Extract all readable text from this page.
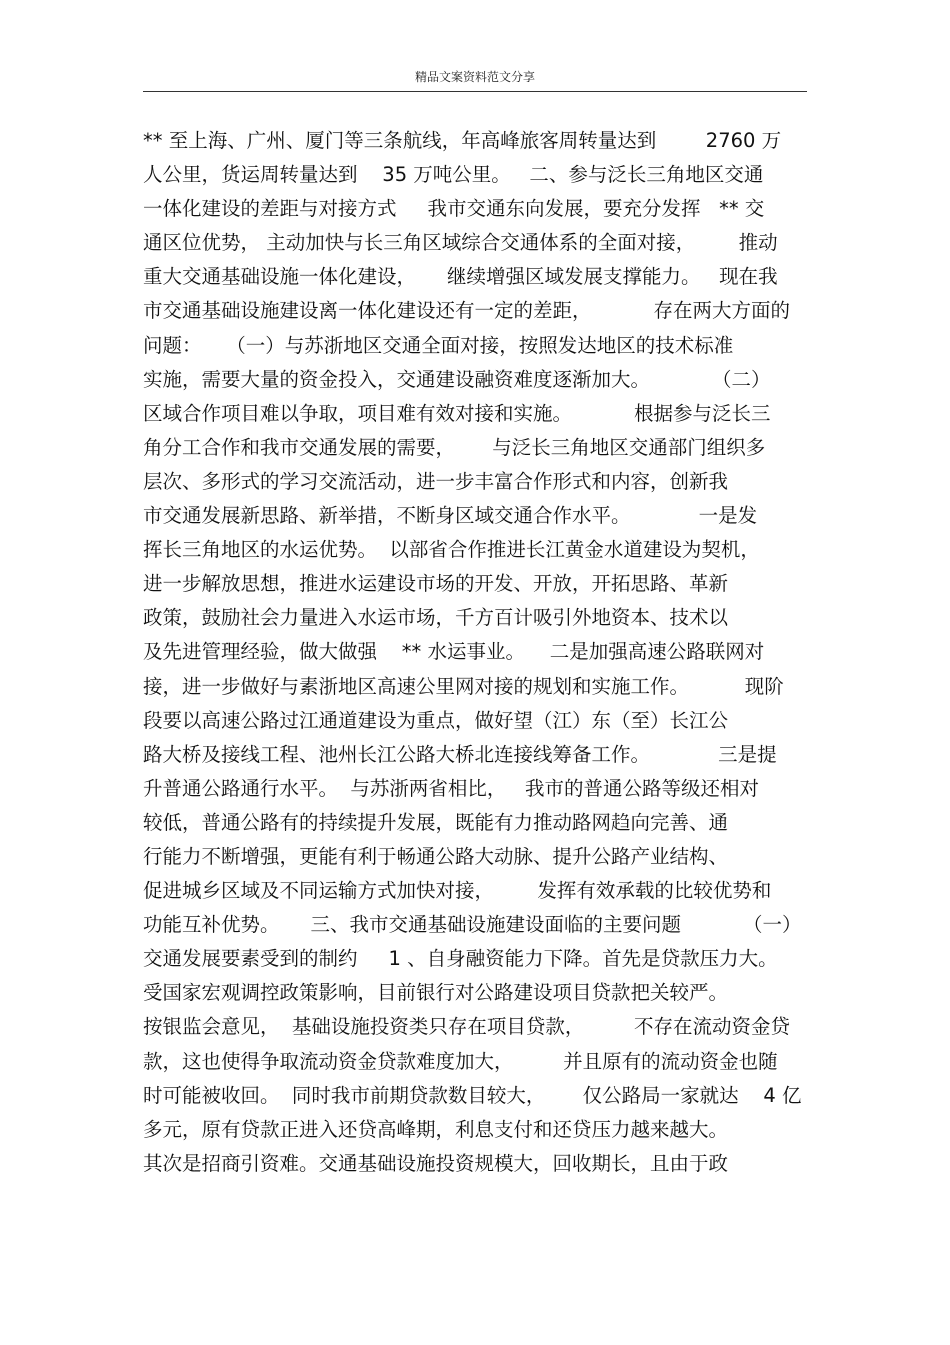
精品文案资料范文分享
** 至上海、广州、厦门等三条航线，年高峰旅客周转量达到        2760 万
人公里，货运周转量达到    35 万吨公里。   二、参与泛长三角地区交通
一体化建设的差距与对接方式     我市交通东向发展，要充分发挥   ** 交
通区位优势， 主动加快与长三角区域综合交通体系的全面对接，       推动
重大交通基础设施一体化建设，     继续增强区域发展支撑能力。   现在我
市交通基础设施建设离一体化建设还有一定的差距，          存在两大方面的
问题：    （一）与苏浙地区交通全面对接，按照发达地区的技术标准
实施，需要大量的资金投入，交通建设融资难度逐渐加大。          （二）
区域合作项目难以争取，项目难有效对接和实施。          根据参与泛长三
角分工合作和我市交通发展的需要，      与泛长三角地区交通部门组织多
层次、多形式的学习交流活动，进一步丰富合作形式和内容，创新我
市交通发展新思路、新举措，不断身区域交通合作水平。           一是发
挥长三角地区的水运优势。  以部省合作推进长江黄金水道建设为契机，
进一步解放思想，推进水运建设市场的开发、开放，开拓思路、革新
政策，鼓励社会力量进入水运市场，千方百计吸引外地资本、技术以
及先进管理经验，做大做强    ** 水运事业。    二是加强高速公路联网对
接，进一步做好与素浙地区高速公里网对接的规划和实施工作。         现阶
段要以高速公路过江通道建设为重点，做好望（江）东（至）长江公
路大桥及接线工程、池州长江公路大桥北连接线筹备工作。           三是提
升普通公路通行水平。  与苏浙两省相比，   我市的普通公路等级还相对
较低，普通公路有的持续提升发展，既能有力推动路网趋向完善、通
行能力不断增强，更能有利于畅通公路大动脉、提升公路产业结构、
促进城乡区域及不同运输方式加快对接，       发挥有效承载的比较优势和
功能互补优势。     三、我市交通基础设施建设面临的主要问题          （一）
交通发展要素受到的制约     1 、自身融资能力下降。首先是贷款压力大。
受国家宏观调控政策影响，目前银行对公路建设项目贷款把关较严。
按银监会意见，  基础设施投资类只存在项目贷款，        不存在流动资金贷
款，这也使得争取流动资金贷款难度加大，        并且原有的流动资金也随
时可能被收回。  同时我市前期贷款数目较大，      仅公路局一家就达    4 亿
多元，原有贷款正进入还贷高峰期，利息支付和还贷压力越来越大。
其次是招商引资难。交通基础设施投资规模大，回收期长，且由于政
